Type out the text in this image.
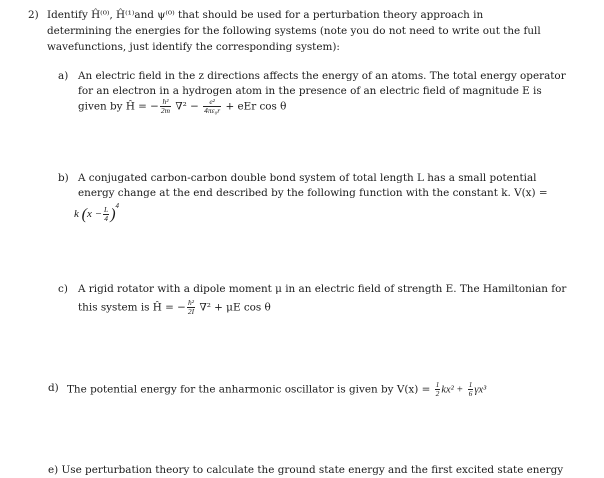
2) Identify Ĥ⁽⁰⁾, Ĥ⁽¹⁾and ψ⁽⁰⁾ that should be used for a perturbation theory approach in
determining the energies for the following systems (note you do not need to write out the full
wavefunctions, just identify the corresponding system):
a) An electric field in the z directions affects the energy of an atoms. The total energy operator
for an electron in a hydrogen atom in the presence of an electric field of magnitude E is
given by Ĥ = − $\frac{\text{ħ²}}{2m} \nabla^2 - \frac{\text{e²}}{\text{4πε₀r}}$ + eEr cos θ
b) A conjugated carbon-carbon double bond system of total length L has a small potential
energy change at the end described by the following function with the constant k. V(x) =
k $(x - \frac{L}{4} )^4$
c) A rigid rotator with a dipole moment μ in an electric field of strength E. The Hamiltonian for
this system is Ĥ = − $\frac{\text{ħ²}}{2I} \nabla^2 + \mu E$ cos θ
d) The potential energy for the anharmonic oscillator is given by $V(x) = \frac{1}{2} kx^2 + \frac{1}{6} \gamma x^3$
e) Use perturbation theory to calculate the ground state energy and the first excited state energy
